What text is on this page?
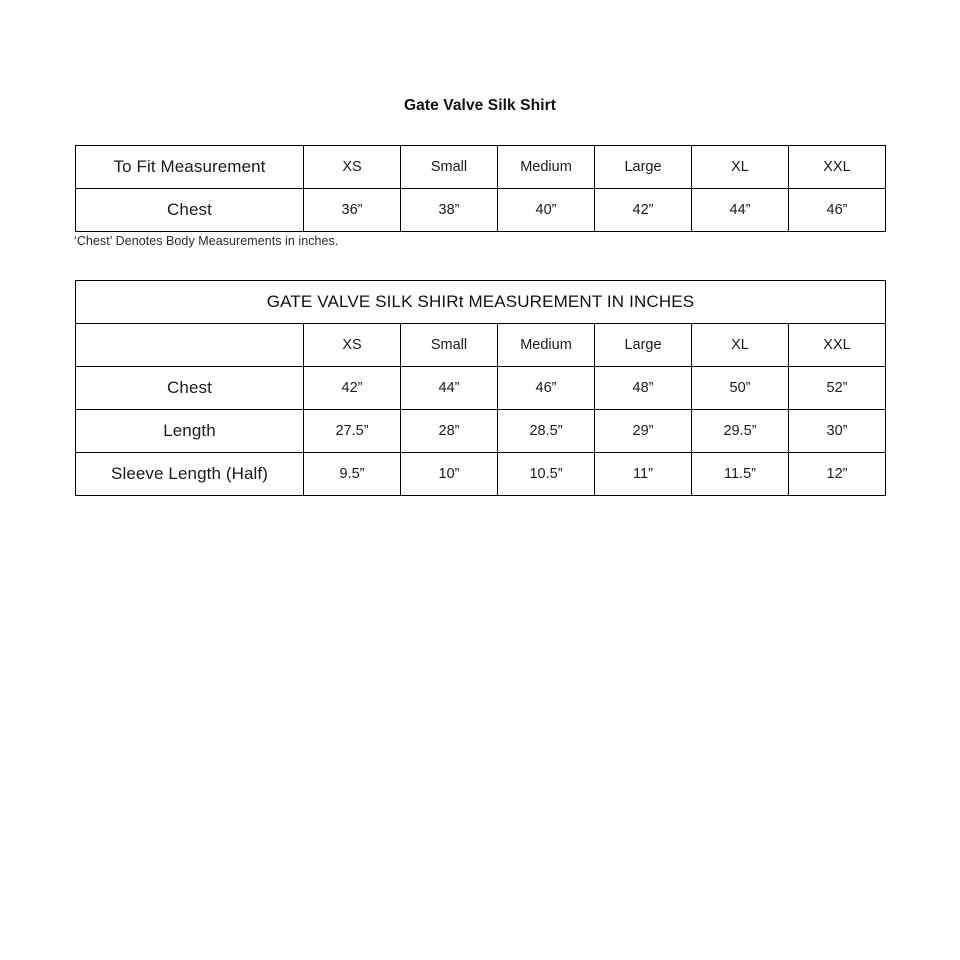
Gate Valve Silk Shirt
To Fit Measurement	XS	Small	Medium	Large	XL	XXL
Chest	36”	38”	40”	42”	44”	46”
‘Chest’ Denotes Body Measurements in inches.
GATE VALVE SILK SHIRt MEASUREMENT IN INCHES						
	XS	Small	Medium	Large	XL	XXL
Chest	42”	44”	46”	48”	50”	52”
Length	27.5”	28”	28.5”	29”	29.5”	30”
Sleeve Length (Half)	9.5”	10”	10.5”	11”	11.5”	12”
